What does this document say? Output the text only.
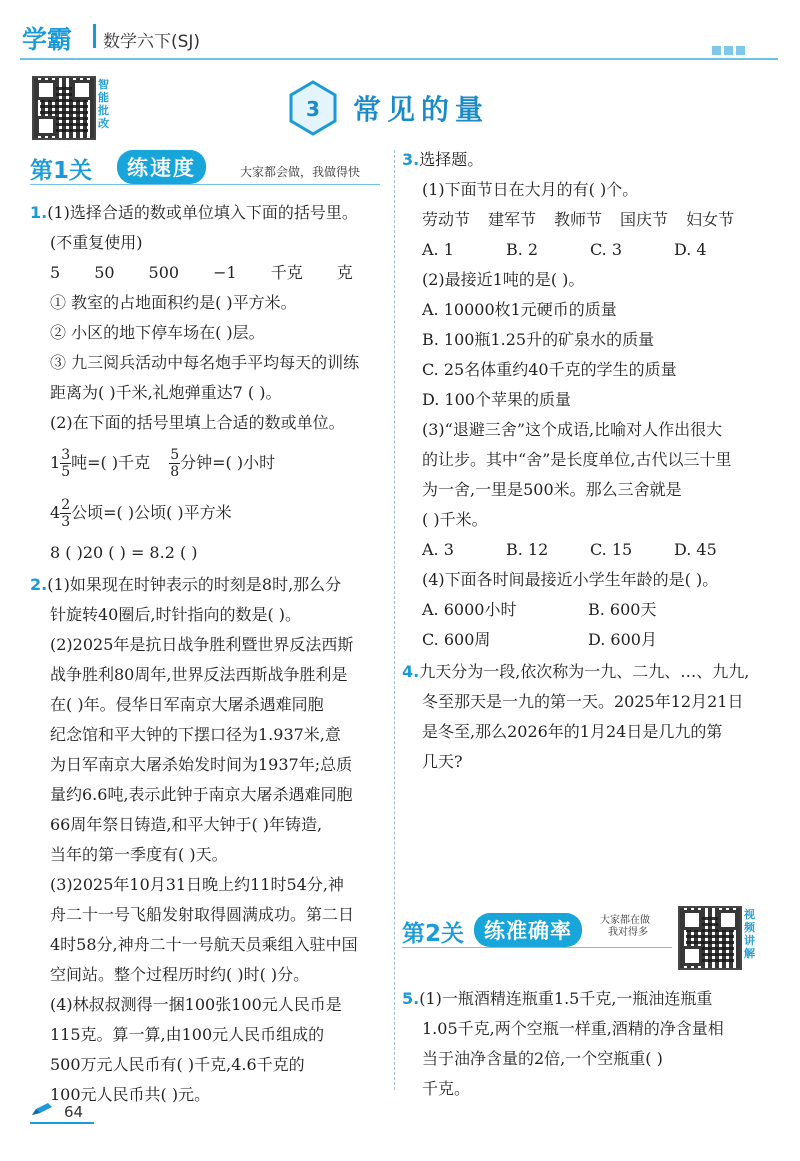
学霸 数学六下(SJ)
智能批改
3 常见的量
第1关	练速度	大家都会做，我做得快
1.(1)选择合适的数或单位填入下面的括号里。
(不重复使用)
5 50 500 −1 千克 克
① 教室的占地面积约是( )平方米。
② 小区的地下停车场在( )层。
③ 九三阅兵活动中每名炮手平均每天的训练
距离为( )千米,礼炮弹重达7 ( )。
(2)在下面的括号里填上合适的数或单位。
$1 \frac{3}{5}$ 吨=( )千克 $\frac{5}{8}$ 分钟=( )小时
$4 \frac{2}{3}$ 公顷=( )公顷( )平方米
8 ( )20 ( ) = 8.2 ( )
2.(1)如果现在时钟表示的时刻是8时,那么分
针旋转40圈后,时针指向的数是( )。
(2)2025年是抗日战争胜利暨世界反法西斯
战争胜利80周年,世界反法西斯战争胜利是
在( )年。侵华日军南京大屠杀遇难同胞
纪念馆和平大钟的下摆口径为1.937米,意
为日军南京大屠杀始发时间为1937年;总质
量约6.6吨,表示此钟于南京大屠杀遇难同胞
66周年祭日铸造,和平大钟于( )年铸造,
当年的第一季度有( )天。
(3)2025年10月31日晚上约11时54分,神
舟二十一号飞船发射取得圆满成功。第二日
4时58分,神舟二十一号航天员乘组入驻中国
空间站。整个过程历时约( )时( )分。
(4)林叔叔测得一捆100张100元人民币是
115克。算一算,由100元人民币组成的
500万元人民币有( )千克,4.6千克的
100元人民币共( )元。
3.选择题。
(1)下面节日在大月的有( )个。
劳动节 建军节 教师节 国庆节 妇女节
A. 1	B. 2	C. 3	D. 4
(2)最接近1吨的是( )。
A. 10000枚1元硬币的质量
B. 100瓶1.25升的矿泉水的质量
C. 25名体重约40千克的学生的质量
D. 100个苹果的质量
(3)“退避三舍”这个成语,比喻对人作出很大
的让步。其中“舍”是长度单位,古代以三十里
为一舍,一里是500米。那么三舍就是
( )千米。
A. 3	B. 12	C. 15	D. 45
(4)下面各时间最接近小学生年龄的是( )。
A. 6000小时	B. 600天
C. 600周	D. 600月
4.九天分为一段,依次称为一九、二九、…、九九,
冬至那天是一九的第一天。2025年12月21日
是冬至,那么2026年的1月24日是几九的第
几天?
第2关 练准确率	大家都在做
我对得多
视频讲解
5.(1)一瓶酒精连瓶重1.5千克,一瓶油连瓶重
1.05千克,两个空瓶一样重,酒精的净含量相
当于油净含量的2倍,一个空瓶重( )
千克。
64
